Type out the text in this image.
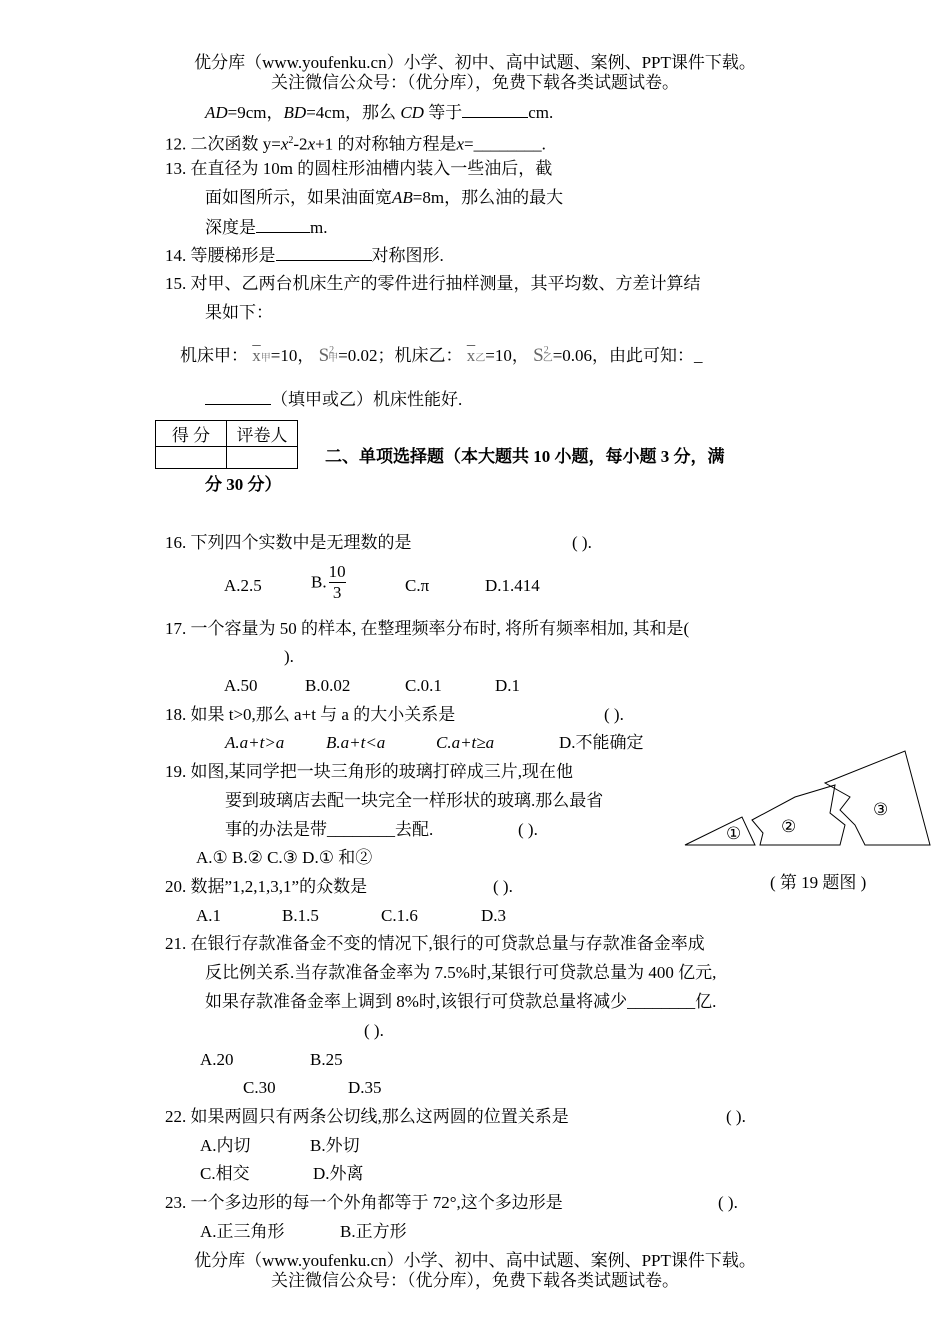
优分库（www.youfenku.cn）小学、初中、高中试题、案例、PPT课件下载。
关注微信公众号：（优分库），免费下载各类试题试卷。
AD=9cm，BD=4cm，那么 CD 等于	cm.
12. 二次函数 $y=x^2-2x+1$ 的对称轴方程是x=________.
13. 在直径为 10m 的圆柱形油槽内装入一些油后，截
面如图所示，如果油面宽AB=8m，那么油的最大
深度是	m.
14. 等腰梯形是	对称图形.
15. 对甲、乙两台机床生产的零件进行抽样测量，其平均数、方差计算结
果如下：
机床甲： $\overline{x}$甲=10， $S^2$甲=0.02；机床乙： $\overline{x}$乙=10， $S^2$乙=0.06，由此可知：_
（填甲或乙）机床性能好.
得 分	评卷人

二、单项选择题（本大题共 10 小题，每小题 3 分，满
分 30 分）
16. 下列四个实数中是无理数的是	( ).
A.2.5	B. $\frac{10}{3}$	C.π	D.1.414
17. 一个容量为 50 的样本, 在整理频率分布时, 将所有频率相加, 其和是(
).
A.50	B.0.02	C.0.1	D.1
18. 如果 t>0,那么 a+t 与 a 的大小关系是	( ).
A.a+t>a B.a+t<a	C.a+t≥a	D.不能确定
19. 如图,某同学把一块三角形的玻璃打碎成三片,现在他
要到玻璃店去配一块完全一样形状的玻璃.那么最省
事的办法是带________去配.	( ).
A.① B.② C.③ D.① 和②
① ②
③
( 第 19 题图 )
20. 数据”1,2,1,3,1”的众数是	( ).
A.1	B.1.5	C.1.6	D.3
21. 在银行存款准备金不变的情况下,银行的可贷款总量与存款准备金率成
反比例关系.当存款准备金率为 7.5%时,某银行可贷款总量为 400 亿元,
如果存款准备金率上调到 8%时,该银行可贷款总量将减少________亿.
( ).
A.20	B.25
C.30	D.35
22. 如果两圆只有两条公切线,那么这两圆的位置关系是	( ).
A.内切	B.外切
C.相交	D.外离
23. 一个多边形的每一个外角都等于 72°,这个多边形是	( ).
A.正三角形	B.正方形
优分库（www.youfenku.cn）小学、初中、高中试题、案例、PPT课件下载。
关注微信公众号：（优分库），免费下载各类试题试卷。
